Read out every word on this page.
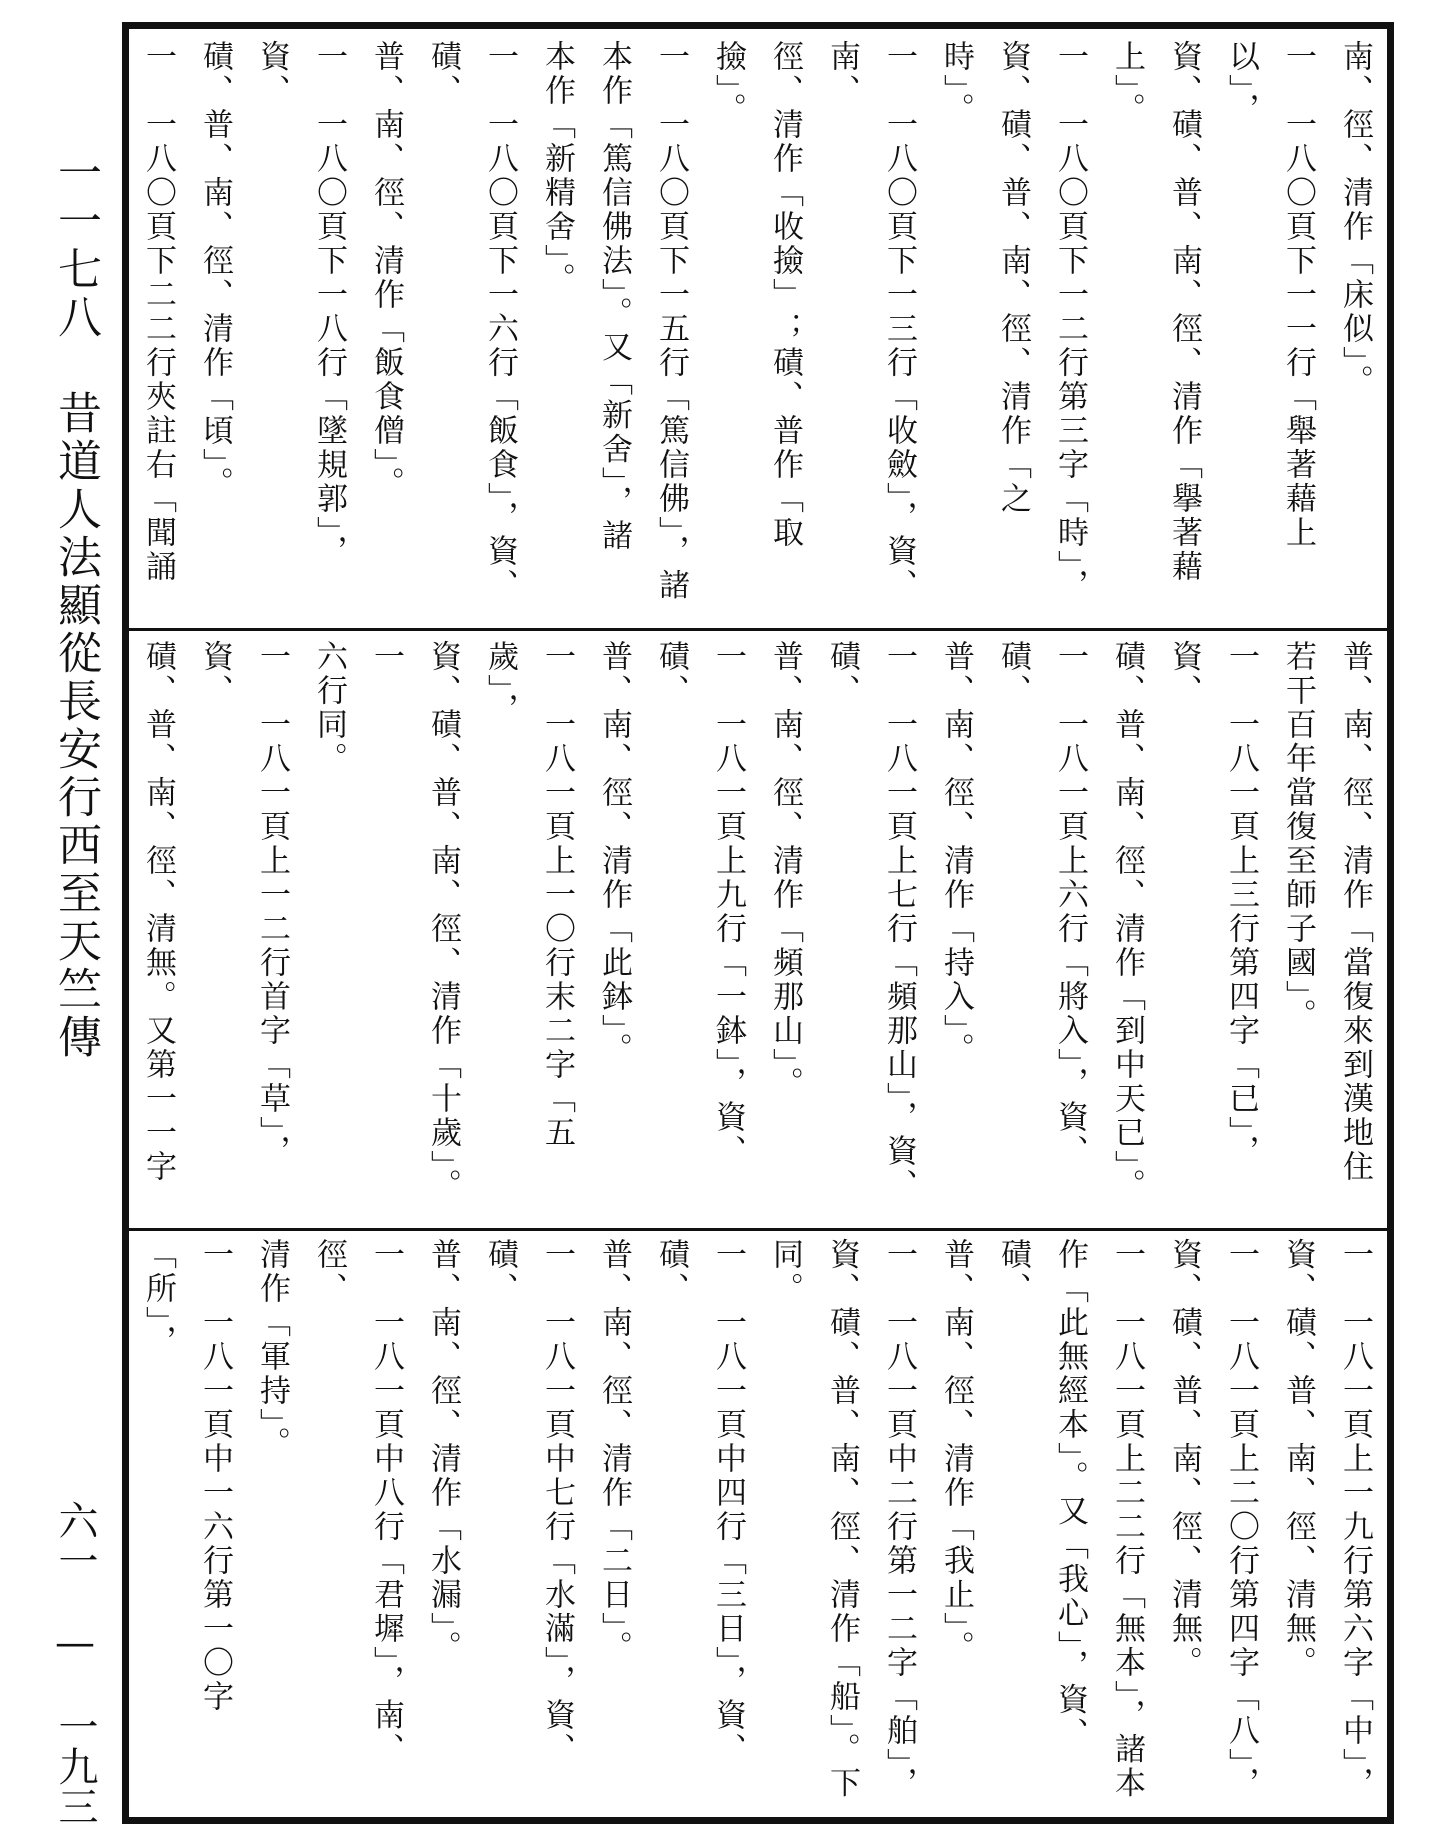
一一七八　昔道人法顯從長安行西至天竺傳
六一　—　一九三
南、徑、清作「床似」。
一　一八〇頁下一一行「舉著藉上以」，
資、磧、普、南、徑、清作「擧著藉
上」。
一　一八〇頁下一二行第三字「時」，
資、磧、普、南、徑、清作「之
時」。
一　一八〇頁下一三行「收斂」，資、南、
徑、清作「收撿」；磧、普作「取撿」。
一　一八〇頁下一五行「篤信佛」，諸
本作「篤信佛法」。又「新舍」，諸
本作「新精舍」。
一　一八〇頁下一六行「飯食」，資、磧、
普、南、徑、清作「飯食僧」。
一　一八〇頁下一八行「墜規郭」，資、
磧、普、南、徑、清作「頃」。
一　一八〇頁下二二行夾註右「聞誦
普、南、徑、清作「當復來到漢地住
若干百年當復至師子國」。
一　一八一頁上三行第四字「已」，資、
磧、普、南、徑、清作「到中天已」。
一　一八一頁上六行「將入」，資、磧、
普、南、徑、清作「持入」。
一　一八一頁上七行「頻那山」，資、磧、
普、南、徑、清作「頻那山」。
一　一八一頁上九行「一鉢」，資、磧、
普、南、徑、清作「此鉢」。
一　一八一頁上一〇行末二字「五歲」，
資、磧、普、南、徑、清作「十歲」。一
六行同。
一　一八一頁上一二行首字「草」，資、
磧、普、南、徑、清無。又第一一字
一　一八一頁上一九行第六字「中」，
資、磧、普、南、徑、清無。
一　一八一頁上二〇行第四字「八」，
資、磧、普、南、徑、清無。
一　一八一頁上二二行「無本」，諸本
作「此無經本」。又「我心」，資、磧、
普、南、徑、清作「我止」。
一　一八一頁中二行第一二字「舶」，
資、磧、普、南、徑、清作「船」。下同。
一　一八一頁中四行「三日」，資、磧、
普、南、徑、清作「二日」。
一　一八一頁中七行「水滿」，資、磧、
普、南、徑、清作「水漏」。
一　一八一頁中八行「君墀」，南、徑、
清作「軍持」。
一　一八一頁中一六行第一〇字「所」，
